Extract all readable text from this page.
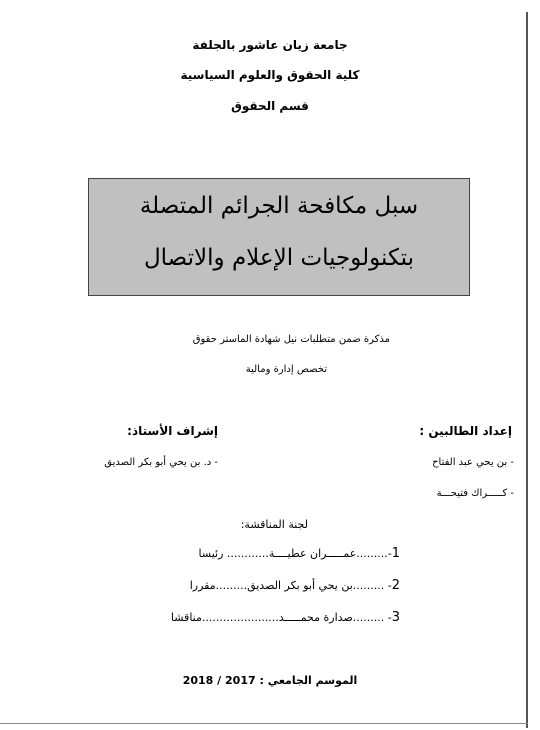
جامعة زيان عاشور بالجلفة
كلية الحقوق والعلوم السياسية
قسم الحقوق
سبل مكافحة الجرائم المتصلة
بتكنولوجيات الإعلام والاتصال
مذكرة ضمن متطلبات نيل شهادة الماستر حقوق
تخصص إدارة ومالية
إعداد الطالبين :
- بن يحي عبد الفتاح
- كـــــراك فتيحـــة
إشراف الأستاذ:
- د. بن يحي أبو بكر الصديق
لجنة المناقشة:
1-.........عمـــــران عطيــــة............ رئيسا
2- .........بن يحي أبو بكر الصديق.........مقررا
3- .........صدارة محمـــــد......................مناقشا
الموسم الجامعي : 2017 / 2018
